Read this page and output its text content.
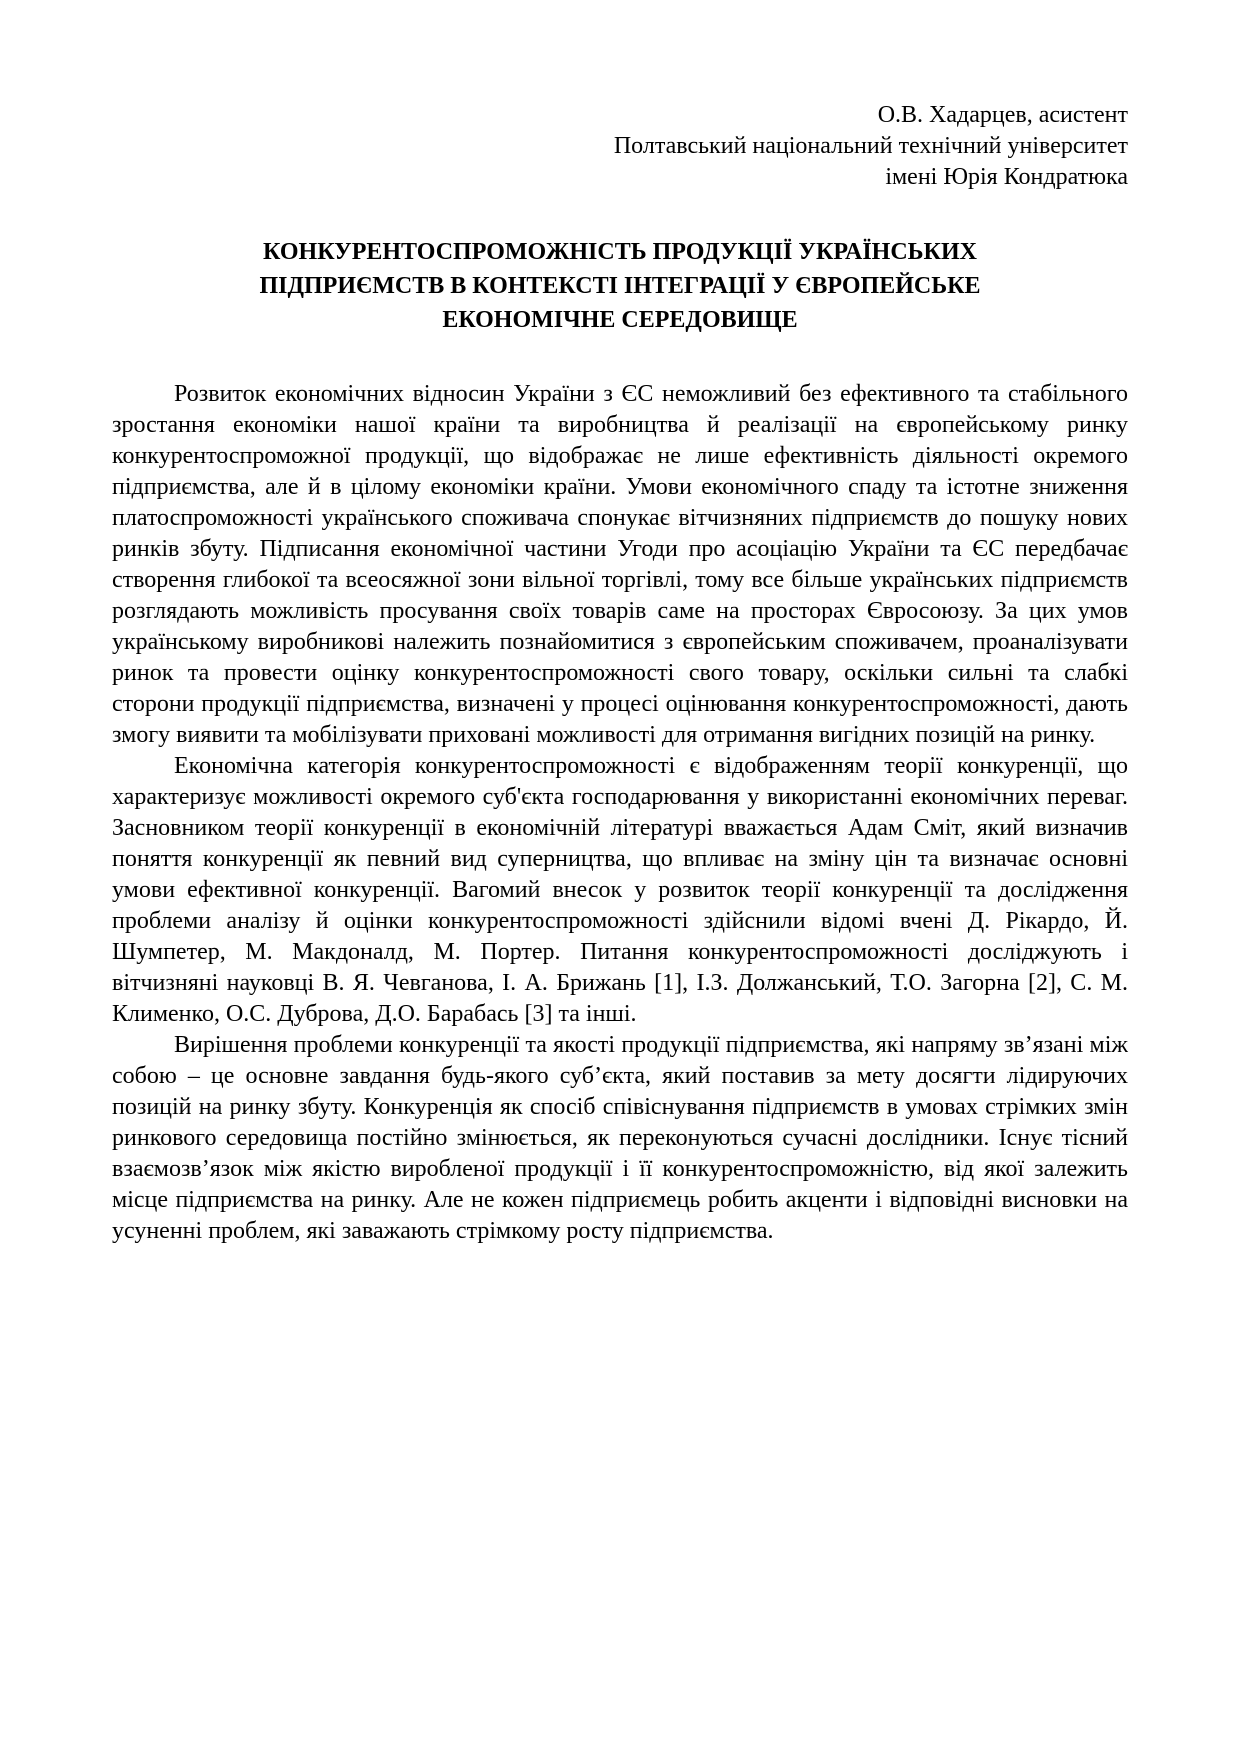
О.В. Хадарцев, асистент
Полтавський національний технічний університет
імені Юрія Кондратюка
КОНКУРЕНТОСПРОМОЖНІСТЬ ПРОДУКЦІЇ УКРАЇНСЬКИХ
ПІДПРИЄМСТВ В КОНТЕКСТІ ІНТЕГРАЦІЇ У ЄВРОПЕЙСЬКЕ
ЕКОНОМІЧНЕ СЕРЕДОВИЩЕ

Розвиток економічних відносин України з ЄС неможливий без ефективного та стабільного зростання економіки нашої країни та виробництва й реалізації на європейському ринку конкурентоспроможної продукції, що відображає не лише ефективність діяльності окремого підприємства, але й в цілому економіки країни. Умови економічного спаду та істотне зниження платоспроможності українського споживача спонукає вітчизняних підприємств до пошуку нових ринків збуту. Підписання економічної частини Угоди про асоціацію України та ЄС передбачає створення глибокої та всеосяжної зони вільної торгівлі, тому все більше українських підприємств розглядають можливість просування своїх товарів саме на просторах Євросоюзу. За цих умов українському виробникові належить познайомитися з європейським споживачем, проаналізувати ринок та провести оцінку конкурентоспроможності свого товару, оскільки сильні та слабкі сторони продукції підприємства, визначені у процесі оцінювання конкурентоспроможності, дають змогу виявити та мобілізувати приховані можливості для отримання вигідних позицій на ринку.

Економічна категорія конкурентоспроможності є відображенням теорії конкуренції, що характеризує можливості окремого суб'єкта господарювання у використанні економічних переваг. Засновником теорії конкуренції в економічній літературі вважається Адам Сміт, який визначив поняття конкуренції як певний вид суперництва, що впливає на зміну цін та визначає основні умови ефективної конкуренції. Вагомий внесок у розвиток теорії конкуренції та дослідження проблеми аналізу й оцінки конкурентоспроможності здійснили відомі вчені Д. Рікардо, Й. Шумпетер, М. Макдоналд, М. Портер. Питання конкурентоспроможності досліджують і вітчизняні науковці В. Я. Чевганова, І. А. Брижань [1], І.З. Должанський, Т.О. Загорна [2], С. М. Клименко, О.С. Дуброва, Д.О. Барабась [3] та інші.

Вирішення проблеми конкуренції та якості продукції підприємства, які напряму зв’язані між собою – це основне завдання будь-якого суб’єкта, який поставив за мету досягти лідируючих позицій на ринку збуту. Конкуренція як спосіб співіснування підприємств в умовах стрімких змін ринкового середовища постійно змінюється, як переконуються сучасні дослідники. Існує тісний взаємозв’язок між якістю виробленої продукції і її конкурентоспроможністю, від якої залежить місце підприємства на ринку. Але не кожен підприємець робить акценти і відповідні висновки на усуненні проблем, які заважають стрімкому росту підприємства.
